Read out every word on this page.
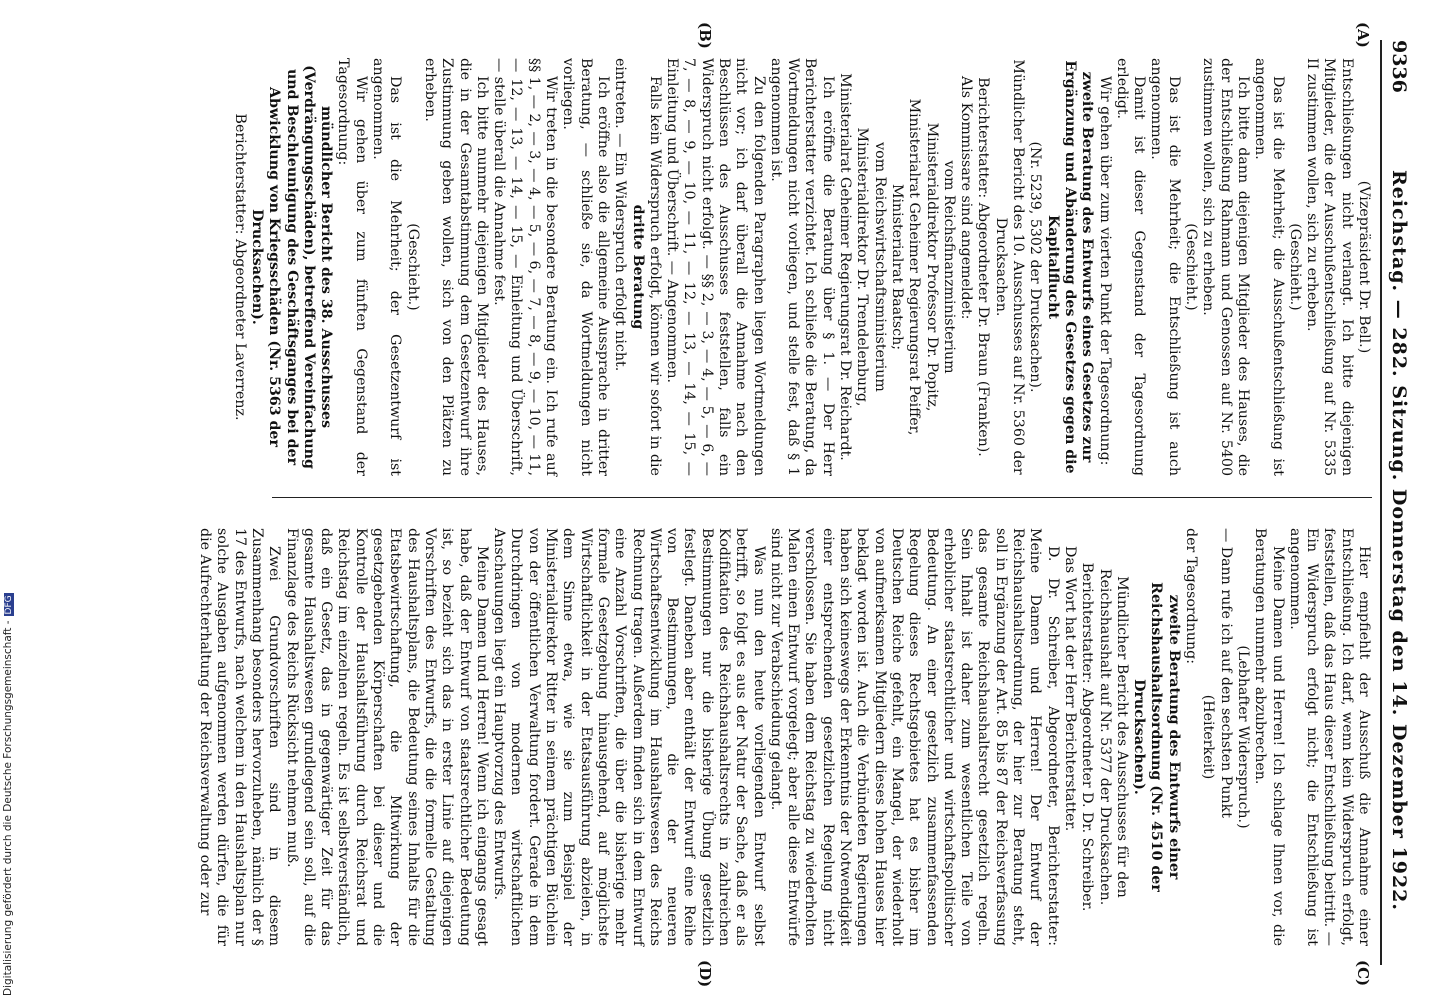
9336
Reichstag. — 282. Sitzung. Donnerstag den 14. Dezember 1922.
(A)
(B)
(C)
(D)

(Vizepräsident Dr. Bell.)

Entschließungen nicht verlangt. Ich bitte diejenigen Mitglieder, die der Ausschußentschließung auf Nr. 5335 II zustimmen wollen, sich zu erheben.

(Geschieht.)

Das ist die Mehrheit; die Ausschußentschließung ist angenommen.

Ich bitte dann diejenigen Mitglieder des Hauses, die der Entschließung Rahmann und Genossen auf Nr. 5400 zustimmen wollen, sich zu erheben.

(Geschieht.)

Das ist die Mehrheit; die Entschließung ist auch angenommen.

Damit ist dieser Gegenstand der Tagesordnung erledigt.

Wir gehen über zum vierten Punkt der Tagesordnung:

zweite Beratung des Entwurfs eines Gesetzes zur Ergänzung und Abänderung des Gesetzes gegen die Kapitalflucht

(Nr. 5239, 5302 der Drucksachen).

Mündlicher Bericht des 10. Ausschusses auf Nr. 5360 der Drucksachen.

Berichterstatter: Abgeordneter Dr. Braun (Franken).

Als Kommissare sind angemeldet:

vom Reichsfinanzministerium

Ministerialdirektor Professor Dr. Popitz,

Ministerialrat Geheimer Regierungsrat Peiffer,

Ministerialrat Baatsch;

vom Reichswirtschaftsministerium

Ministerialdirektor Dr. Trendelenburg,

Ministerialrat Geheimer Regierungsrat Dr. Reichardt.

Ich eröffne die Beratung über § 1. — Der Herr Berichterstatter verzichtet. Ich schließe die Beratung, da Wortmeldungen nicht vorliegen, und stelle fest, daß § 1 angenommen ist.

Zu den folgenden Paragraphen liegen Wortmeldungen nicht vor; ich darf überall die Annahme nach den Beschlüssen des Ausschusses feststellen, falls ein Widerspruch nicht erfolgt. — §§ 2, — 3, — 4, — 5, — 6, — 7, — 8, — 9, — 10, — 11, — 12, — 13, — 14, — 15, — Einleitung und Überschrift. — Angenommen.

Falls kein Widerspruch erfolgt, können wir sofort in die

dritte Beratung

eintreten. — Ein Widerspruch erfolgt nicht.

Ich eröffne also die allgemeine Aussprache in dritter Beratung, — schließe sie, da Wortmeldungen nicht vorliegen.

Wir treten in die besondere Beratung ein. Ich rufe auf §§ 1, — 2, — 3, — 4, — 5, — 6, — 7, — 8, — 9, — 10, — 11, — 12, — 13, — 14, — 15, — Einleitung und Überschrift, — stelle überall die Annahme fest.

Ich bitte nunmehr diejenigen Mitglieder des Hauses, die in der Gesamtabstimmung dem Gesetzentwurf ihre Zustimmung geben wollen, sich von den Plätzen zu erheben.

(Geschieht.)

Das ist die Mehrheit; der Gesetzentwurf ist angenommen.

Wir gehen über zum fünften Gegenstand der Tagesordnung:

mündlicher Bericht des 38. Ausschusses (Verdrängungsschäden), betreffend Vereinfachung und Beschleunigung des Geschäftsganges bei der Abwicklung von Kriegsschäden (Nr. 5363 der Drucksachen).

Berichterstatter: Abgeordneter Laverrenz.

Hier empfiehlt der Ausschuß die Annahme einer Entschließung. Ich darf, wenn kein Widerspruch erfolgt, feststellen, daß das Haus dieser Entschließung beitritt. — Ein Widerspruch erfolgt nicht; die Entschließung ist angenommen.

Meine Damen und Herren! Ich schlage Ihnen vor, die Beratungen nunmehr abzubrechen.

(Lebhafter Widerspruch.)

— Dann rufe ich auf den sechsten Punkt

(Heiterkeit)

der Tagesordnung:

zweite Beratung des Entwurfs einer Reichshaushaltsordnung (Nr. 4510 der Drucksachen).

Mündlicher Bericht des Ausschusses für den Reichshaushalt auf Nr. 5377 der Drucksachen.

Berichterstatter: Abgeordneter D. Dr. Schreiber.

Das Wort hat der Herr Berichterstatter.

D. Dr. Schreiber, Abgeordneter, Berichterstatter: Meine Damen und Herren! Der Entwurf der Reichshaushaltsordnung, der hier zur Beratung steht, soll in Ergänzung der Art. 85 bis 87 der Reichsverfassung das gesamte Reichshaushaltsrecht gesetzlich regeln. Sein Inhalt ist daher zum wesentlichen Teile von erheblicher staatsrechtlicher und wirtschaftspolitischer Bedeutung. An einer gesetzlich zusammenfassenden Regelung dieses Rechtsgebietes hat es bisher im Deutschen Reiche gefehlt, ein Mangel, der wiederholt von aufmerksamen Mitgliedern dieses hohen Hauses hier beklagt worden ist. Auch die Verbündeten Regierungen haben sich keineswegs der Erkenntnis der Notwendigkeit einer entsprechenden gesetzlichen Regelung nicht verschlossen. Sie haben dem Reichstag zu wiederholten Malen einen Entwurf vorgelegt; aber alle diese Entwürfe sind nicht zur Verabschiedung gelangt.

Was nun den heute vorliegenden Entwurf selbst betrifft, so folgt es aus der Natur der Sache, daß er als Kodifikation des Reichshaushaltsrechts in zahlreichen Bestimmungen nur die bisherige Übung gesetzlich festlegt. Daneben aber enthält der Entwurf eine Reihe von Bestimmungen, die der neueren Wirtschaftsentwicklung im Haushaltswesen des Reichs Rechnung tragen. Außerdem finden sich in dem Entwurf eine Anzahl Vorschriften, die über die bisherige mehr formale Gesetzgebung hinausgehend, auf möglichste Wirtschaftlichkeit in der Etatsausführung abzielen, in dem Sinne etwa, wie sie zum Beispiel der Ministerialdirektor Ritter in seinem prächtigen Büchlein von der öffentlichen Verwaltung fordert. Gerade in dem Durchdringen von modernen wirtschaftlichen Anschauungen liegt ein Hauptvorzug des Entwurfs.

Meine Damen und Herren! Wenn ich eingangs gesagt habe, daß der Entwurf von staatsrechtlicher Bedeutung ist, so bezieht sich das in erster Linie auf diejenigen Vorschriften des Entwurfs, die die formelle Gestaltung des Haushaltsplans, die Bedeutung seines Inhalts für die Etatsbewirtschaftung, die Mitwirkung der gesetzgebenden Körperschaften bei dieser und die Kontrolle der Haushaltsführung durch Reichsrat und Reichstag im einzelnen regeln. Es ist selbstverständlich, daß ein Gesetz, das in gegenwärtiger Zeit für das gesamte Haushaltswesen grundlegend sein soll, auf die Finanzlage des Reichs Rücksicht nehmen muß.

Zwei Grundvorschriften sind in diesem Zusammenhang besonders hervorzuheben, nämlich der § 17 des Entwurfs, nach welchem in den Haushaltsplan nur solche Ausgaben aufgenommen werden dürfen, die für die Aufrechterhaltung der Reichsverwaltung oder zur

Digitalisierung gefördert durch die Deutsche Forschungsgemeinschaft -DFG
